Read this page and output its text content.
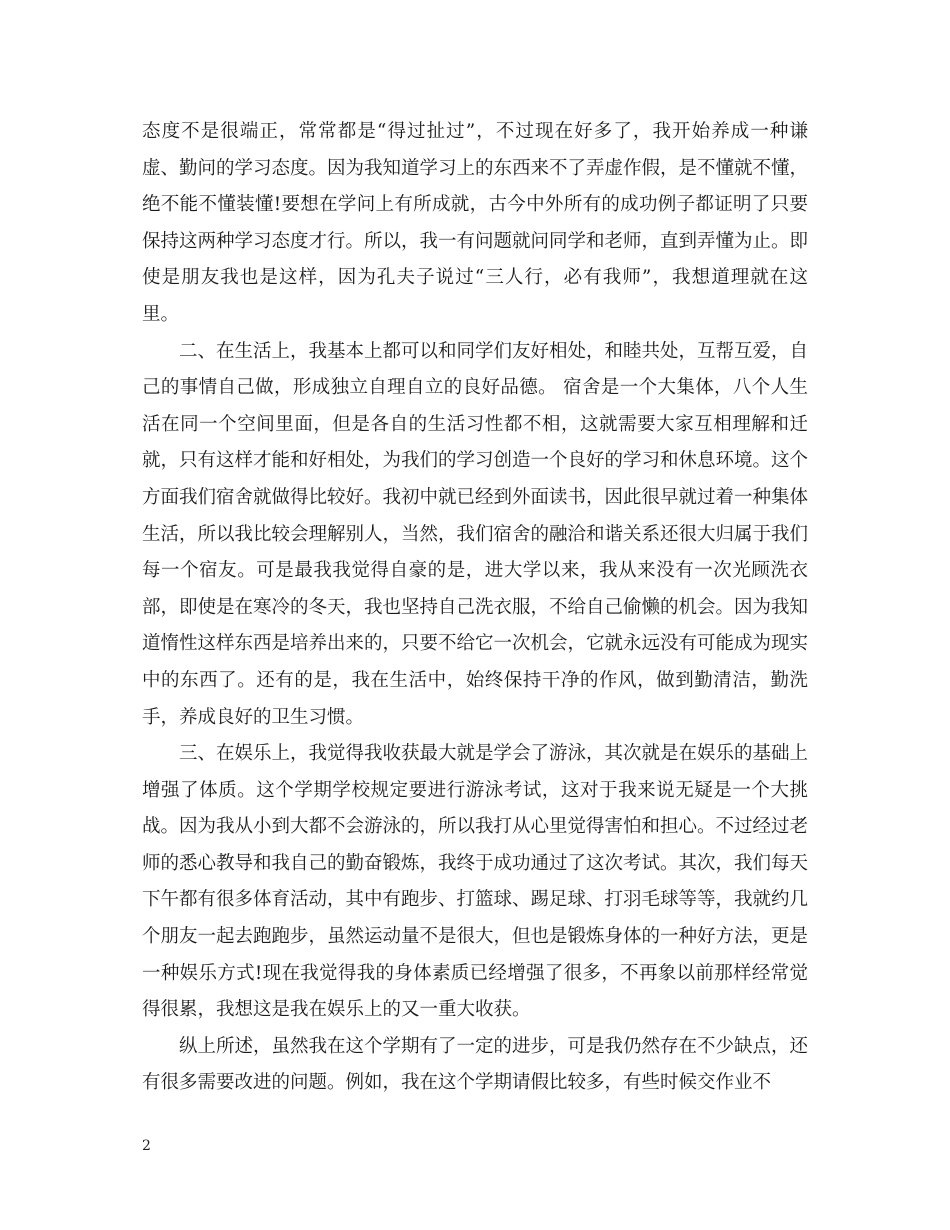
态度不是很端正，常常都是“得过扯过”，不过现在好多了，我开始养成一种谦虚、勤问的学习态度。因为我知道学习上的东西来不了弄虚作假，是不懂就不懂，绝不能不懂装懂!要想在学问上有所成就，古今中外所有的成功例子都证明了只要保持这两种学习态度才行。所以，我一有问题就问同学和老师，直到弄懂为止。即使是朋友我也是这样，因为孔夫子说过“三人行，必有我师”，我想道理就在这里。

二、在生活上，我基本上都可以和同学们友好相处，和睦共处，互帮互爱，自己的事情自己做，形成独立自理自立的良好品德。 宿舍是一个大集体，八个人生活在同一个空间里面，但是各自的生活习性都不相，这就需要大家互相理解和迁就，只有这样才能和好相处，为我们的学习创造一个良好的学习和休息环境。这个方面我们宿舍就做得比较好。我初中就已经到外面读书，因此很早就过着一种集体生活，所以我比较会理解别人，当然，我们宿舍的融洽和谐关系还很大归属于我们每一个宿友。可是最我我觉得自豪的是，进大学以来，我从来没有一次光顾洗衣部，即使是在寒冷的冬天，我也坚持自己洗衣服，不给自己偷懒的机会。因为我知道惰性这样东西是培养出来的，只要不给它一次机会，它就永远没有可能成为现实中的东西了。还有的是，我在生活中，始终保持干净的作风，做到勤清洁，勤洗手，养成良好的卫生习惯。

三、在娱乐上，我觉得我收获最大就是学会了游泳，其次就是在娱乐的基础上增强了体质。这个学期学校规定要进行游泳考试，这对于我来说无疑是一个大挑战。因为我从小到大都不会游泳的，所以我打从心里觉得害怕和担心。不过经过老师的悉心教导和我自己的勤奋锻炼，我终于成功通过了这次考试。其次，我们每天下午都有很多体育活动，其中有跑步、打篮球、踢足球、打羽毛球等等，我就约几个朋友一起去跑跑步，虽然运动量不是很大，但也是锻炼身体的一种好方法，更是一种娱乐方式!现在我觉得我的身体素质已经增强了很多，不再象以前那样经常觉得很累，我想这是我在娱乐上的又一重大收获。

纵上所述，虽然我在这个学期有了一定的进步，可是我仍然存在不少缺点，还有很多需要改进的问题。例如，我在这个学期请假比较多，有些时候交作业不

2
